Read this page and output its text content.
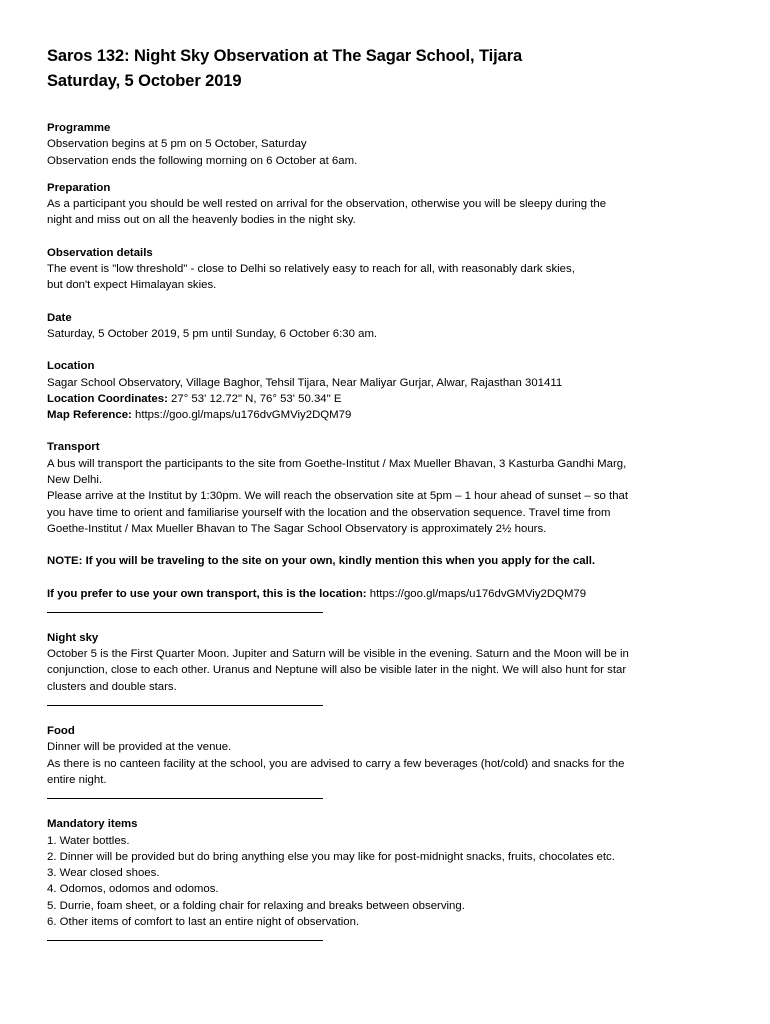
Saros 132: Night Sky Observation at The Sagar School, Tijara
Saturday, 5 October 2019

Programme

Observation begins at 5 pm on 5 October, Saturday

Observation ends the following morning on 6 October at 6am.

Preparation

As a participant you should be well rested on arrival for the observation, otherwise you will be sleepy during the

night and miss out on all the heavenly bodies in the night sky.

Observation details

The event is "low threshold" - close to Delhi so relatively easy to reach for all, with reasonably dark skies,

but don't expect Himalayan skies.

Date

Saturday, 5 October 2019, 5 pm until Sunday, 6 October 6:30 am.

Location

Sagar School Observatory, Village Baghor, Tehsil Tijara, Near Maliyar Gurjar, Alwar, Rajasthan 301411

Location Coordinates: 27° 53' 12.72" N, 76° 53' 50.34" E

Map Reference: https://goo.gl/maps/u176dvGMViy2DQM79

Transport

A bus will transport the participants to the site from Goethe-Institut / Max Mueller Bhavan, 3 Kasturba Gandhi Marg,

New Delhi.

Please arrive at the Institut by 1:30pm. We will reach the observation site at 5pm – 1 hour ahead of sunset – so that

you have time to orient and familiarise yourself with the location and the observation sequence. Travel time from

Goethe-Institut / Max Mueller Bhavan to The Sagar School Observatory is approximately 2½ hours.

NOTE: If you will be traveling to the site on your own, kindly mention this when you apply for the call.

If you prefer to use your own transport, this is the location: https://goo.gl/maps/u176dvGMViy2DQM79

Night sky

October 5 is the First Quarter Moon. Jupiter and Saturn will be visible in the evening. Saturn and the Moon will be in

conjunction, close to each other. Uranus and Neptune will also be visible later in the night. We will also hunt for star

clusters and double stars.

Food

Dinner will be provided at the venue.

As there is no canteen facility at the school, you are advised to carry a few beverages (hot/cold) and snacks for the

entire night.

Mandatory items

1. Water bottles.
2. Dinner will be provided but do bring anything else you may like for post-midnight snacks, fruits, chocolates etc.
3. Wear closed shoes.
4. Odomos, odomos and odomos.
5. Durrie, foam sheet, or a folding chair for relaxing and breaks between observing.
6. Other items of comfort to last an entire night of observation.
